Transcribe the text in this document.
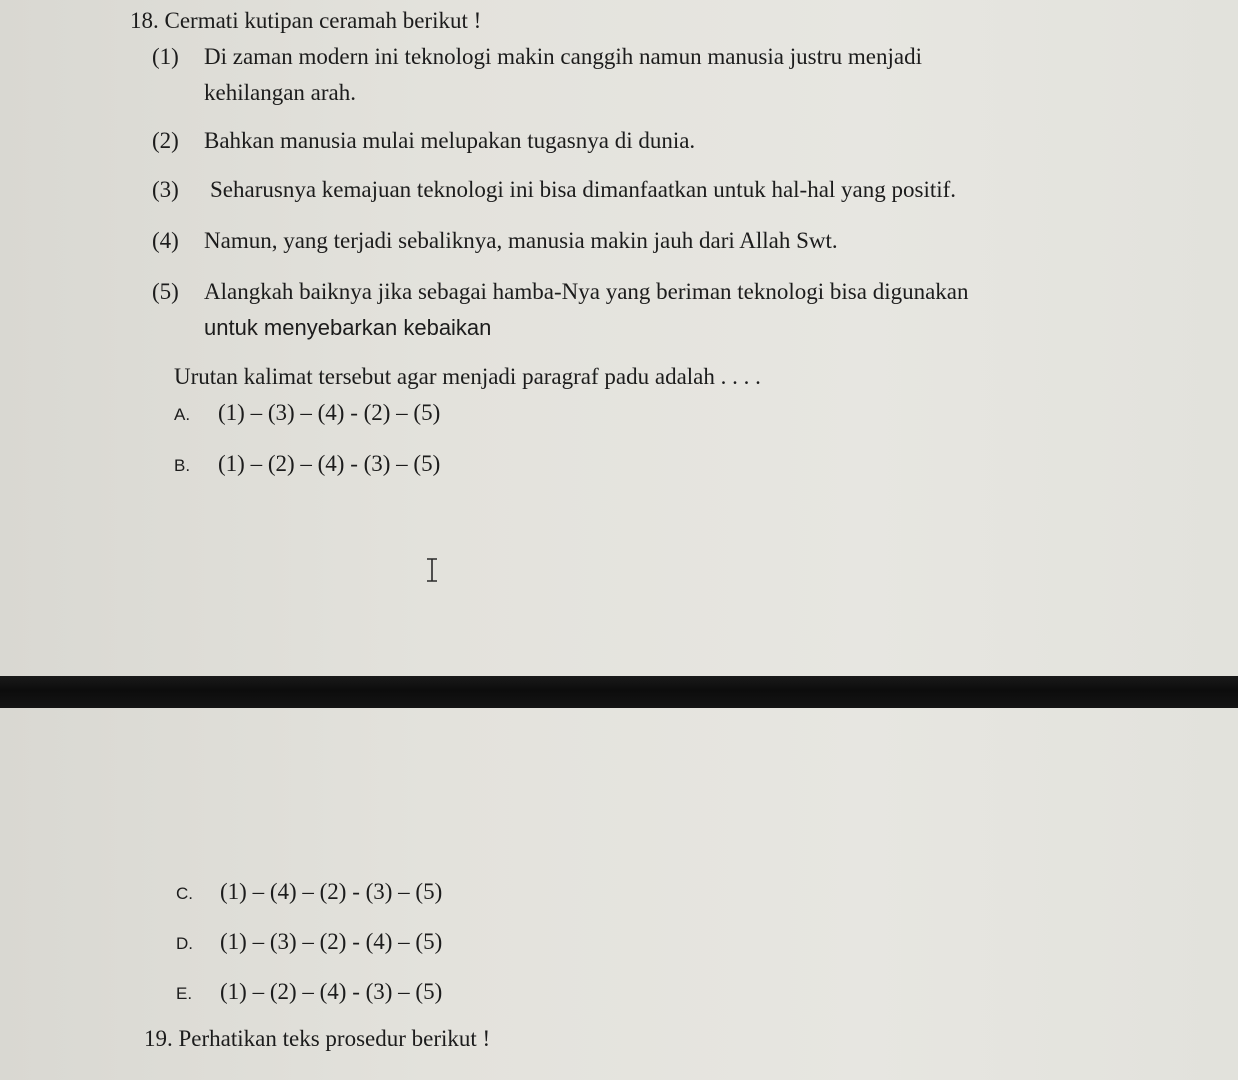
18. Cermati kutipan ceramah berikut !
(1) Di zaman modern ini teknologi makin canggih namun manusia justru menjadi
kehilangan arah.
(2) Bahkan manusia mulai melupakan tugasnya di dunia.
(3) Seharusnya kemajuan teknologi ini bisa dimanfaatkan untuk hal-hal yang positif.
(4) Namun, yang terjadi sebaliknya, manusia makin jauh dari Allah Swt.
(5) Alangkah baiknya jika sebagai hamba-Nya yang beriman teknologi bisa digunakan
untuk menyebarkan kebaikan
Urutan kalimat tersebut agar menjadi paragraf padu adalah . . . .
A. (1) – (3) – (4) - (2) – (5)
B. (1) – (2) – (4) - (3) – (5)
C. (1) – (4) – (2) - (3) – (5)
D. (1) – (3) – (2) - (4) – (5)
E. (1) – (2) – (4) - (3) – (5)
19. Perhatikan teks prosedur berikut !
